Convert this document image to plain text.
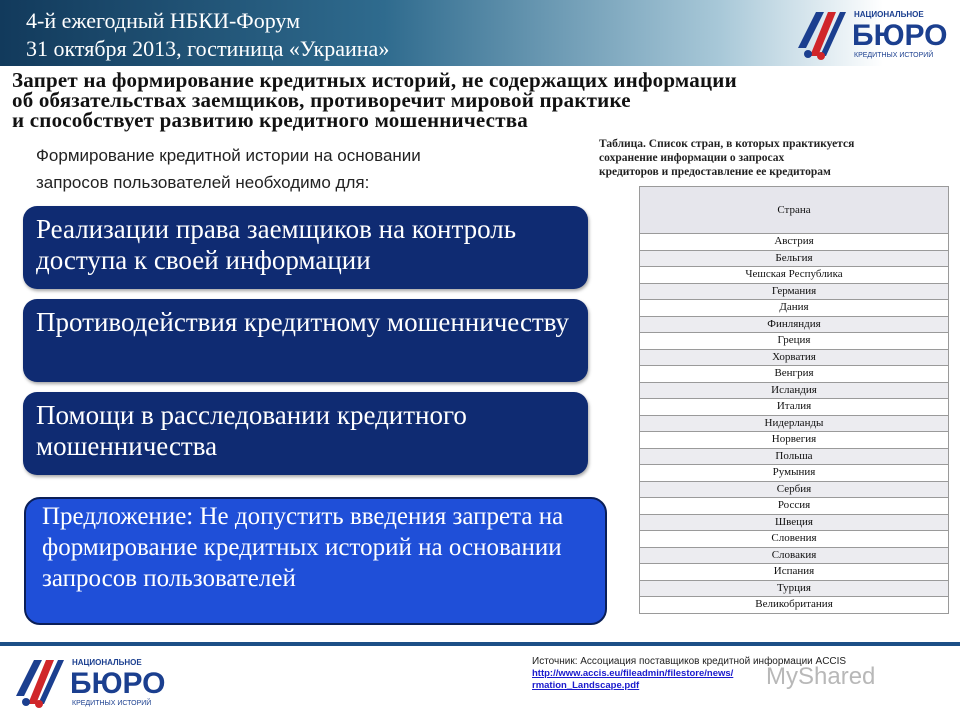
4-й ежегодный НБКИ-Форум
31 октября 2013, гостиница «Украина»
НАЦИОНАЛЬНОЕ
БЮРО
КРЕДИТНЫХ ИСТОРИЙ
Запрет на формирование кредитных историй, не содержащих информации
об обязательствах заемщиков, противоречит мировой практике
и способствует развитию кредитного мошенничества
Формирование кредитной истории на основании
запросов пользователей необходимо для:
Реализации права заемщиков на контроль доступа к своей информации
Противодействия кредитному мошенничеству
Помощи в расследовании кредитного мошенничества
Предложение: Не допустить введения запрета на формирование кредитных историй на основании запросов пользователей
Таблица. Список стран, в которых практикуется
сохранение информации о запросах
кредиторов и предоставление ее кредиторам
Страна
Австрия
Бельгия
Чешская Республика
Германия
Дания
Финляндия
Греция
Хорватия
Венгрия
Исландия
Италия
Нидерланды
Норвегия
Польша
Румыния
Сербия
Россия
Швеция
Словения
Словакия
Испания
Турция
Великобритания
НАЦИОНАЛЬНОЕ
БЮРО
КРЕДИТНЫХ ИСТОРИЙ
Источник: Ассоциация поставщиков кредитной информации ACCIS
http://www.accis.eu/fileadmin/filestore/news/
rmation_Landscape.pdf	MyShared
